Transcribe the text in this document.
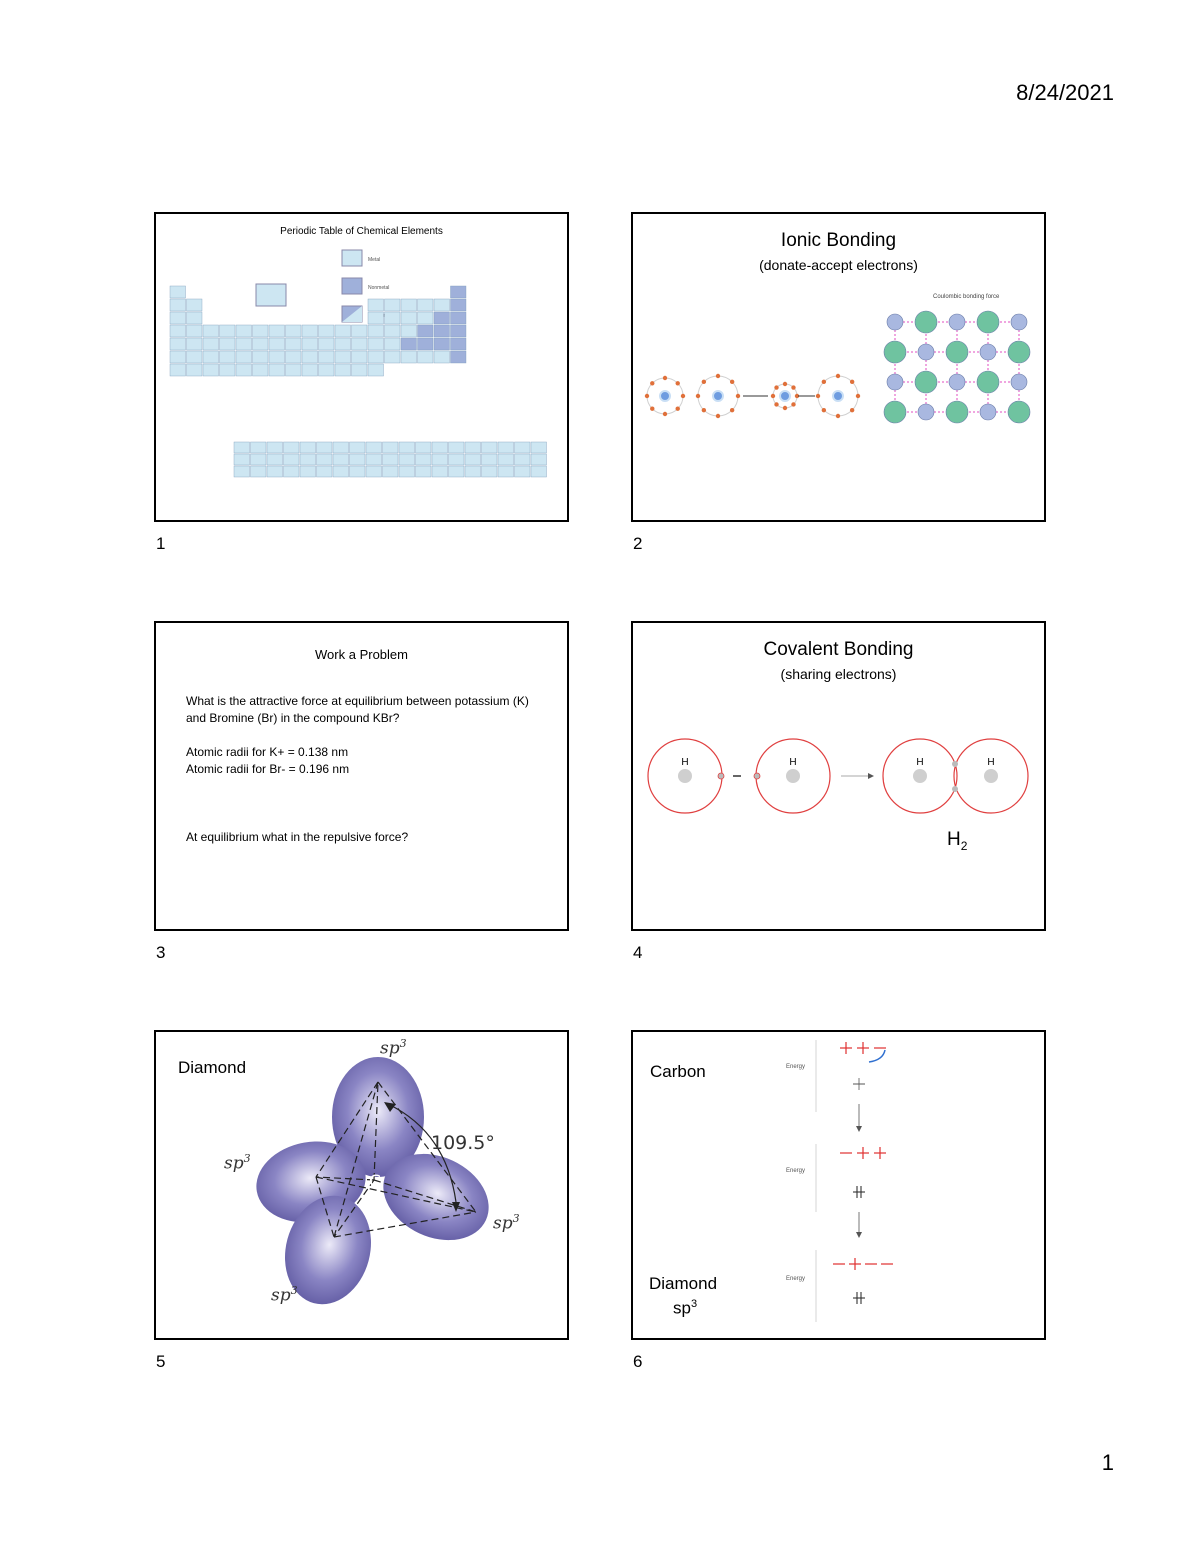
8/24/2021
Periodic Table of Chemical Elements
Metal
Nonmetal
1
Ionic Bonding
(donate-accept electrons)
Coulombic bonding force
2
Work a Problem

What is the attractive force at equilibrium between potassium (K) and Bromine (Br) in the compound KBr?

Atomic radii for K+ = 0.138 nm

Atomic radii for Br- = 0.196 nm

At equilibrium what in the repulsive force?

3
Covalent Bonding
(sharing electrons)
H	H	H	H
$H_2$
4
Diamond
C
109.5°
$sp^3$
$sp^3$
$sp^3$
$sp^3$
5
Carbon
Diamond
$sp^3$
Energy
Energy
Energy
6
1
